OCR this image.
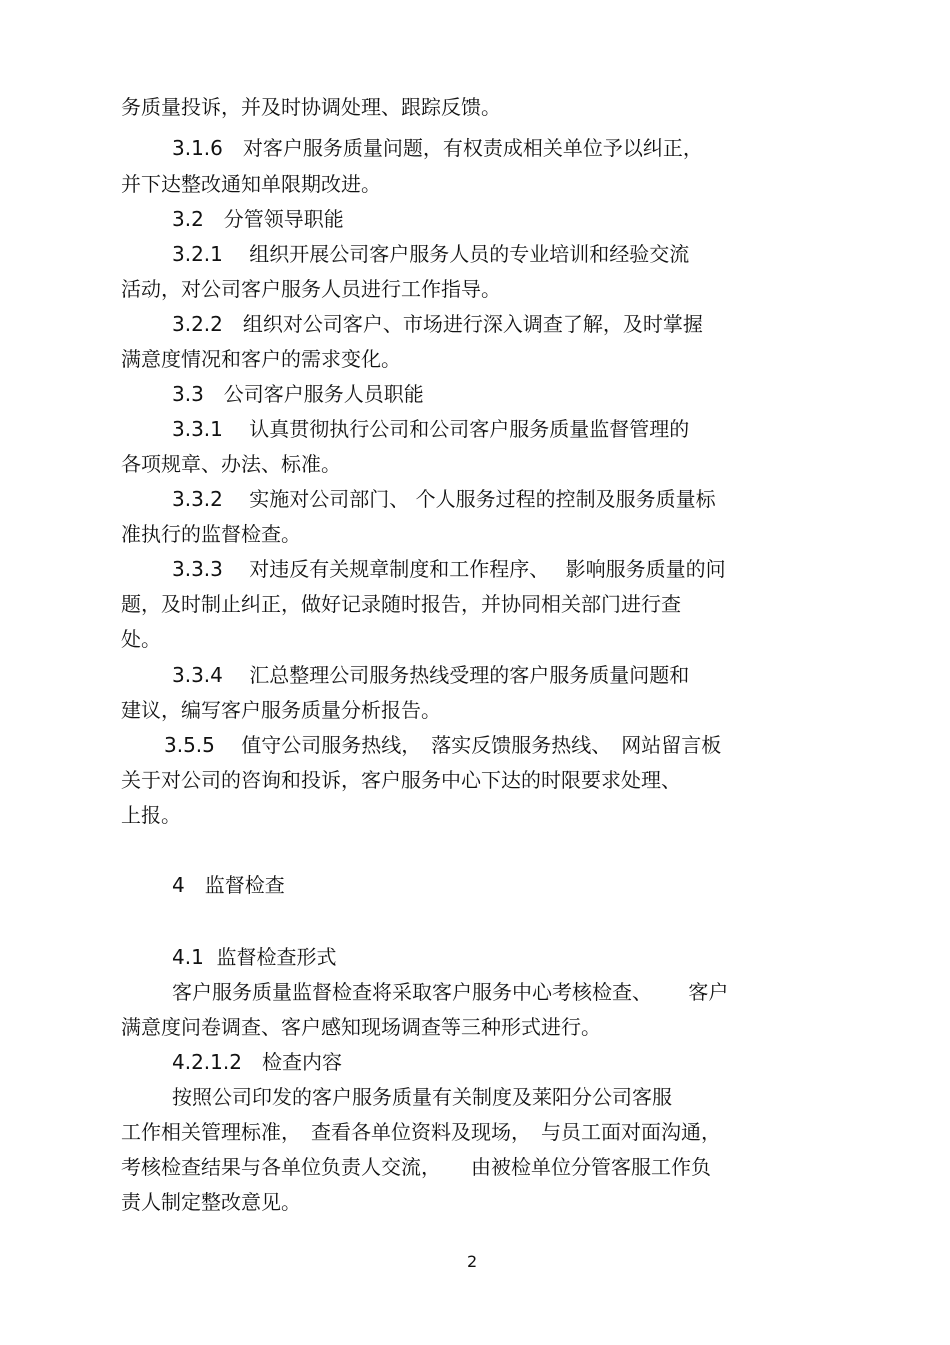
务质量投诉，并及时协调处理、跟踪反馈。

3.1.6　对客户服务质量问题，有权责成相关单位予以纠正，

并下达整改通知单限期改进。

3.2　分管领导职能

3.2.1　 组织开展公司客户服务人员的专业培训和经验交流

活动，对公司客户服务人员进行工作指导。

3.2.2　组织对公司客户、市场进行深入调查了解，及时掌握

满意度情况和客户的需求变化。

3.3　公司客户服务人员职能

3.3.1　 认真贯彻执行公司和公司客户服务质量监督管理的

各项规章、办法、标准。

3.3.2　 实施对公司部门、 个人服务过程的控制及服务质量标

准执行的监督检查。

3.3.3　 对违反有关规章制度和工作程序、　 影响服务质量的问

题，及时制止纠正，做好记录随时报告，并协同相关部门进行查

处。

3.3.4　 汇总整理公司服务热线受理的客户服务质量问题和

建议，编写客户服务质量分析报告。

3.5.5　 值守公司服务热线，　落实反馈服务热线、　网站留言板

关于对公司的咨询和投诉，客户服务中心下达的时限要求处理、

上报。

4　监督检查

4.1  监督检查形式

客户服务质量监督检查将采取客户服务中心考核检查、　　 客户

满意度问卷调查、客户感知现场调查等三种形式进行。

4.2.1.2　检查内容

按照公司印发的客户服务质量有关制度及莱阳分公司客服

工作相关管理标准，　查看各单位资料及现场，　与员工面对面沟通，

考核检查结果与各单位负责人交流，　　由被检单位分管客服工作负

责人制定整改意见。

2
